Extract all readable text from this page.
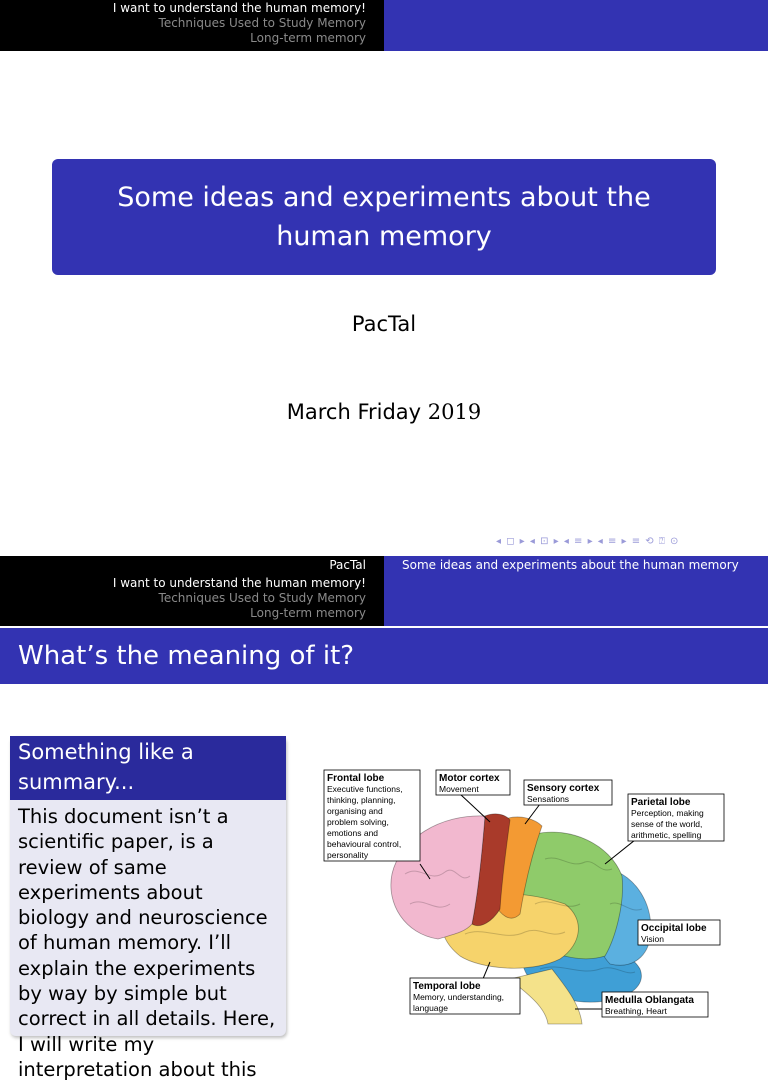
I want to understand the human memory!
Techniques Used to Study Memory
Long-term memory
Some ideas and experiments about the human memory
PacTal
March Friday 2019
◂ ◻ ▸ ◂ ⊡ ▸ ◂ ≡ ▸ ◂ ≡ ▸ ≡ ⟲ ⍰ ⊙
PacTal
I want to understand the human memory!
Techniques Used to Study Memory
Long-term memory
Some ideas and experiments about the human memory
What’s the meaning of it?
Something like a summary...
This document isn’t a scientific paper, is a review of same experiments about biology and neuroscience of human memory. I’ll explain the experiments by way by simple but correct in all details. Here, I will write my interpretation about this
Frontal lobe
Executive functions,
thinking, planning,
organising and
problem solving,
emotions and
behavioural control,
personality
Motor cortex
Movement	Sensory cortex
Sensations	Parietal lobe
Perception, making
sense of the world,
arithmetic, spelling
Occipital lobe
Vision
Temporal lobe
Memory, understanding,
language
Medulla Oblangata
Breathing, Heart
